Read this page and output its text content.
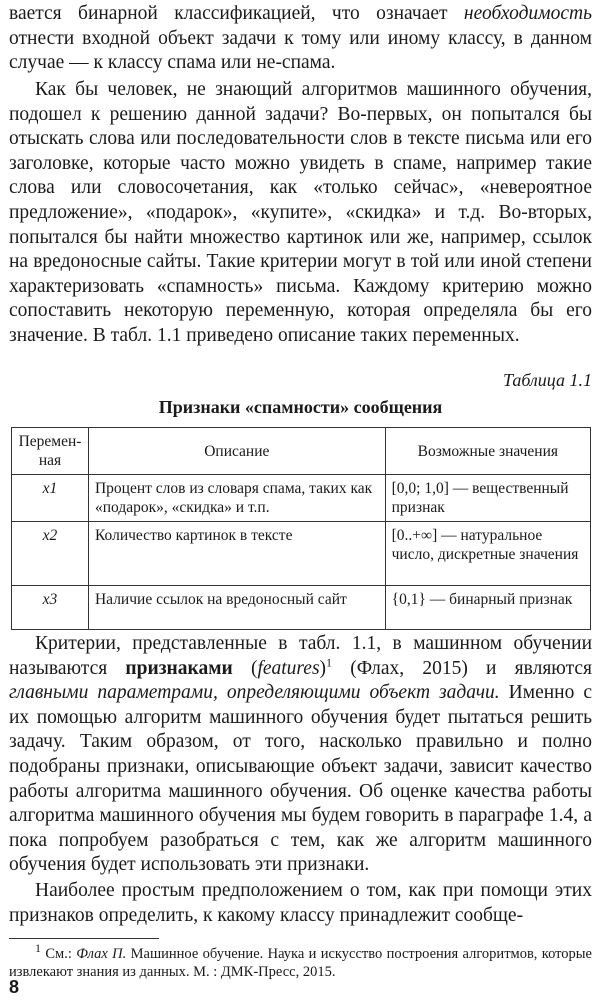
вается бинарной классификацией, что означает необходимость отнести входной объект задачи к тому или иному классу, в данном случае — к классу спама или не-спама.

Как бы человек, не знающий алгоритмов машинного обучения, подошел к решению данной задачи? Во-первых, он попытался бы отыскать слова или последовательности слов в тексте письма или его заголовке, которые часто можно увидеть в спаме, например такие слова или словосочетания, как «только сейчас», «невероятное предложение», «подарок», «купите», «скидка» и т.д. Во-вторых, попытался бы найти множество картинок или же, например, ссылок на вредоносные сайты. Такие критерии могут в той или иной степени характеризовать «спамность» письма. Каждому критерию можно сопоставить некоторую переменную, которая определяла бы его значение. В табл. 1.1 приведено описание таких переменных.

Таблица 1.1
Признаки «спамности» сообщения
Перемен-
ная	Описание	Возможные значения
x1	Процент слов из словаря спама, таких как «подарок», «скидка» и т.п.	[0,0; 1,0] — вещественный признак
x2	Количество картинок в тексте	[0..+∞] — натуральное число, дискретные значения
x3	Наличие ссылок на вредоносный сайт	{0,1} — бинарный признак

Критерии, представленные в табл. 1.1, в машинном обучении называются признаками (features)$^1$ (Флах, 2015) и являются главными параметрами, определяющими объект задачи. Именно с их помощью алгоритм машинного обучения будет пытаться решить задачу. Таким образом, от того, насколько правильно и полно подобраны признаки, описывающие объект задачи, зависит качество работы алгоритма машинного обучения. Об оценке качества работы алгоритма машинного обучения мы будем говорить в параграфе 1.4, а пока попробуем разобраться с тем, как же алгоритм машинного обучения будет использовать эти признаки.

Наиболее простым предположением о том, как при помощи этих признаков определить, к какому классу принадлежит сообще-

$^1$ См.: Флах П. Машинное обучение. Наука и искусство построения алгоритмов, которые извлекают знания из данных. М. : ДМК-Пресс, 2015.

8
